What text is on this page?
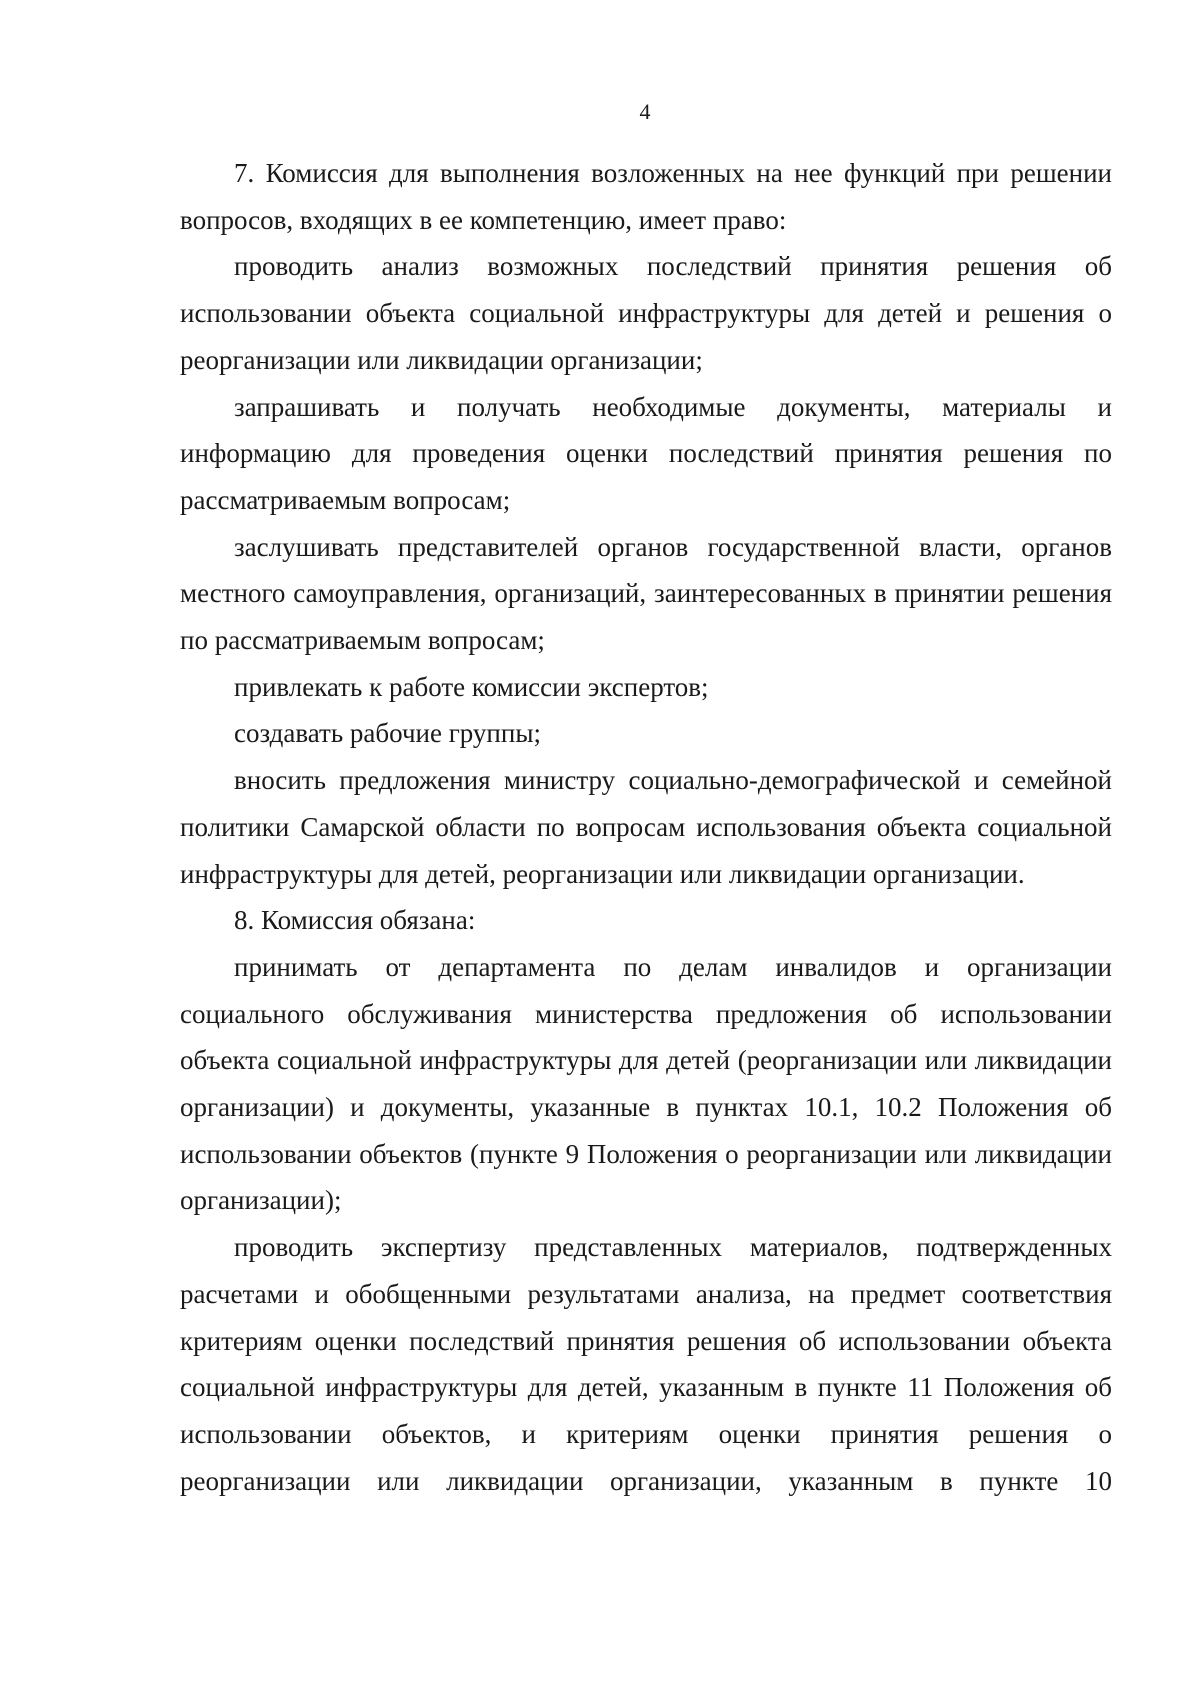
4

7. Комиссия для выполнения возложенных на нее функций при решении вопросов, входящих в ее компетенцию, имеет право:

проводить анализ возможных последствий принятия решения об использовании объекта социальной инфраструктуры для детей и решения о реорганизации или ликвидации организации;

запрашивать и получать необходимые документы, материалы и информацию для проведения оценки последствий принятия решения по рассматриваемым вопросам;

заслушивать представителей органов государственной власти, органов местного самоуправления, организаций, заинтересованных в принятии решения по рассматриваемым вопросам;

привлекать к работе комиссии экспертов;

создавать рабочие группы;

вносить предложения министру социально-демографической и семейной политики Самарской области по вопросам использования объекта социальной инфраструктуры для детей, реорганизации или ликвидации организации.

8. Комиссия обязана:

принимать от департамента по делам инвалидов и организации социального обслуживания министерства предложения об использовании объекта социальной инфраструктуры для детей (реорганизации или ликвидации организации) и документы, указанные в пунктах 10.1, 10.2 Положения об использовании объектов (пункте 9 Положения о реорганизации или ликвидации организации);

проводить экспертизу представленных материалов, подтвержденных расчетами и обобщенными результатами анализа, на предмет соответствия критериям оценки последствий принятия решения об использовании объекта социальной инфраструктуры для детей, указанным в пункте 11 Положения об использовании объектов, и критериям оценки принятия решения о реорганизации или ликвидации организации, указанным в пункте 10
